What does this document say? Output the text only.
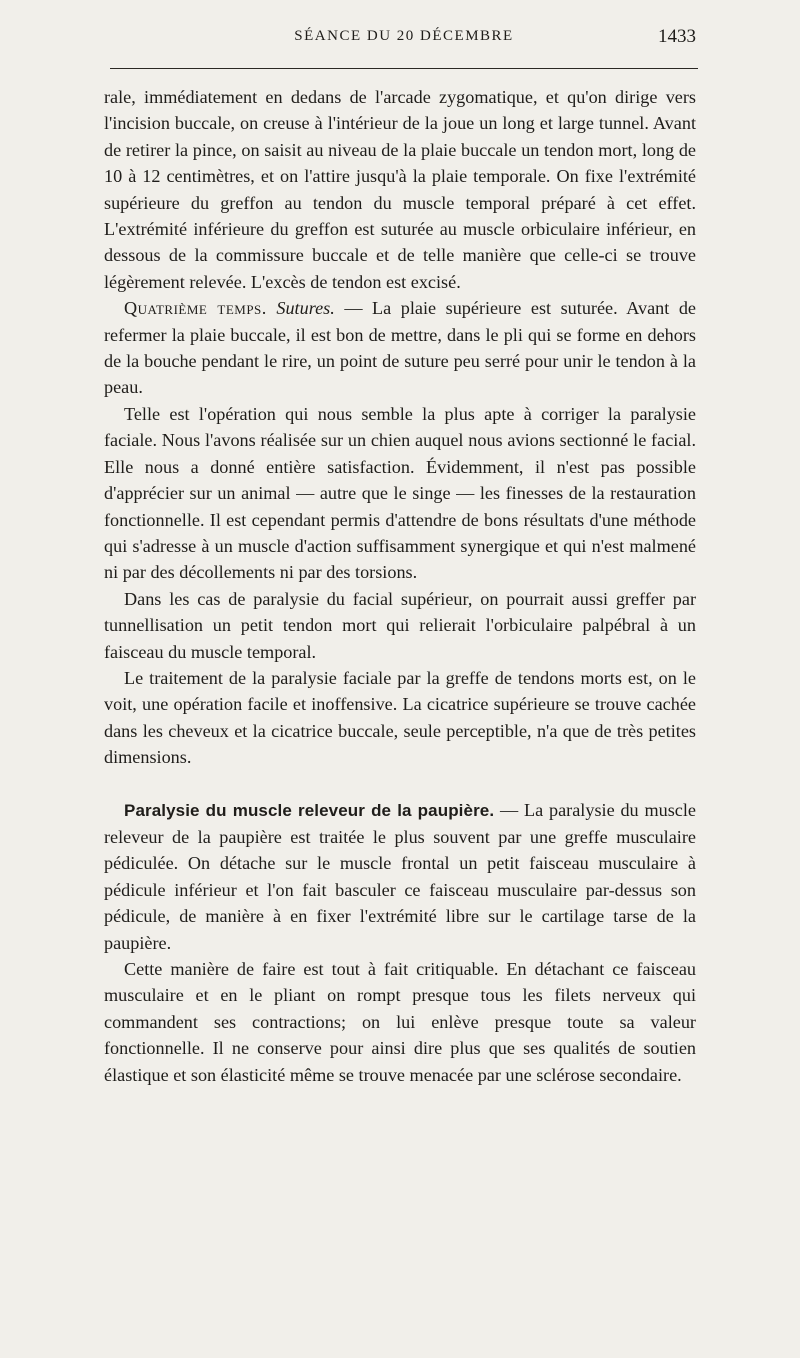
SÉANCE DU 20 DÉCEMBRE	1433

rale, immédiatement en dedans de l'arcade zygomatique, et qu'on dirige vers l'incision buccale, on creuse à l'intérieur de la joue un long et large tunnel. Avant de retirer la pince, on saisit au niveau de la plaie buccale un tendon mort, long de 10 à 12 centimètres, et on l'attire jusqu'à la plaie temporale. On fixe l'extrémité supérieure du greffon au tendon du muscle temporal préparé à cet effet. L'extrémité inférieure du greffon est suturée au muscle orbiculaire inférieur, en dessous de la commissure buccale et de telle manière que celle-ci se trouve légèrement relevée. L'excès de tendon est excisé.

Quatrième temps. Sutures. — La plaie supérieure est suturée. Avant de refermer la plaie buccale, il est bon de mettre, dans le pli qui se forme en dehors de la bouche pendant le rire, un point de suture peu serré pour unir le tendon à la peau.

Telle est l'opération qui nous semble la plus apte à corriger la paralysie faciale. Nous l'avons réalisée sur un chien auquel nous avions sectionné le facial. Elle nous a donné entière satisfaction. Évidemment, il n'est pas possible d'apprécier sur un animal — autre que le singe — les finesses de la restauration fonctionnelle. Il est cependant permis d'attendre de bons résultats d'une méthode qui s'adresse à un muscle d'action suffisamment synergique et qui n'est malmené ni par des décollements ni par des torsions.

Dans les cas de paralysie du facial supérieur, on pourrait aussi greffer par tunnellisation un petit tendon mort qui relierait l'orbiculaire palpébral à un faisceau du muscle temporal.

Le traitement de la paralysie faciale par la greffe de tendons morts est, on le voit, une opération facile et inoffensive. La cicatrice supérieure se trouve cachée dans les cheveux et la cicatrice buccale, seule perceptible, n'a que de très petites dimensions.

Paralysie du muscle releveur de la paupière. — La paralysie du muscle releveur de la paupière est traitée le plus souvent par une greffe musculaire pédiculée. On détache sur le muscle frontal un petit faisceau musculaire à pédicule inférieur et l'on fait basculer ce faisceau musculaire par-dessus son pédicule, de manière à en fixer l'extrémité libre sur le cartilage tarse de la paupière.

Cette manière de faire est tout à fait critiquable. En détachant ce faisceau musculaire et en le pliant on rompt presque tous les filets nerveux qui commandent ses contractions; on lui enlève presque toute sa valeur fonctionnelle. Il ne conserve pour ainsi dire plus que ses qualités de soutien élastique et son élasticité même se trouve menacée par une sclérose secondaire.
